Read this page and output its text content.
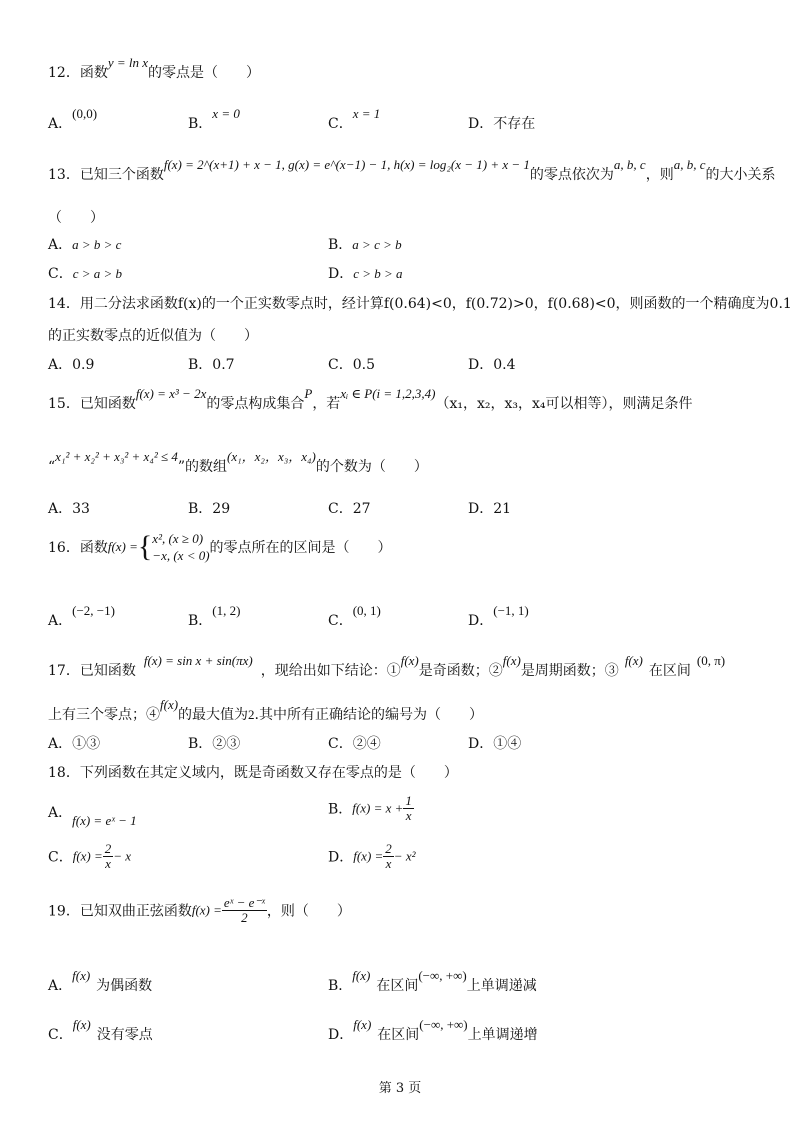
12．函数y = ln x的零点是（　　）
A．(0,0)
B．x = 0
C．x = 1
D．不存在
13．已知三个函数f(x) = 2^(x+1) + x − 1, g(x) = e^(x−1) − 1, h(x) = log₂(x − 1) + x − 1的零点依次为a, b, c，则a, b, c的大小关系
（　　）
A．a > b > c	B．a > c > b
C．c > a > b	D．c > b > a
14．用二分法求函数f(x)的一个正实数零点时，经计算f(0.64)<0，f(0.72)>0，f(0.68)<0，则函数的一个精确度为0.1
的正实数零点的近似值为（　　）
A．0.9	B．0.7	C．0.5	D．0.4
15．已知函数f(x) = x³ − 2x的零点构成集合P，若xᵢ ∈ P(i = 1,2,3,4)（x₁，x₂，x₃，x₄可以相等），则满足条件
“x₁² + x₂² + x₃² + x₄² ≤ 4”的数组(x₁，x₂，x₃，x₄)的个数为（　　）
A．33	B．29	C．27	D．21
16．函数f(x) ={ x², (x ≥ 0)
−x, (x < 0) 的零点所在的区间是（　　）
A．(−2, −1)
B．(1, 2)
C．(0, 1)
D．(−1, 1)
17．已知函数f(x) = sin x + sin(πx)，现给出如下结论：①f(x)是奇函数；②f(x)是周期函数；③f(x)在区间(0, π)
上有三个零点；④f(x)的最大值为2.其中所有正确结论的编号为（　　）
A．①③	B．②③	C．②④	D．①④
18．下列函数在其定义域内，既是奇函数又存在零点的是（　　）
A．f(x) = eˣ − 1
B．$f(x) = x + \frac{1}{x}$
C．$f(x) = \frac{2}{x} - x$	D．$f(x) = \frac{2}{x} - x^2$
19．已知双曲正弦函数$f(x) = \frac{\text{eˣ − e⁻ˣ}}{2}$ ，则（　　）
A．f(x)为偶函数	B．f(x)在区间(−∞, +∞)上单调递减
C．f(x)没有零点	D．f(x)在区间(−∞, +∞)上单调递增
第 3 页
